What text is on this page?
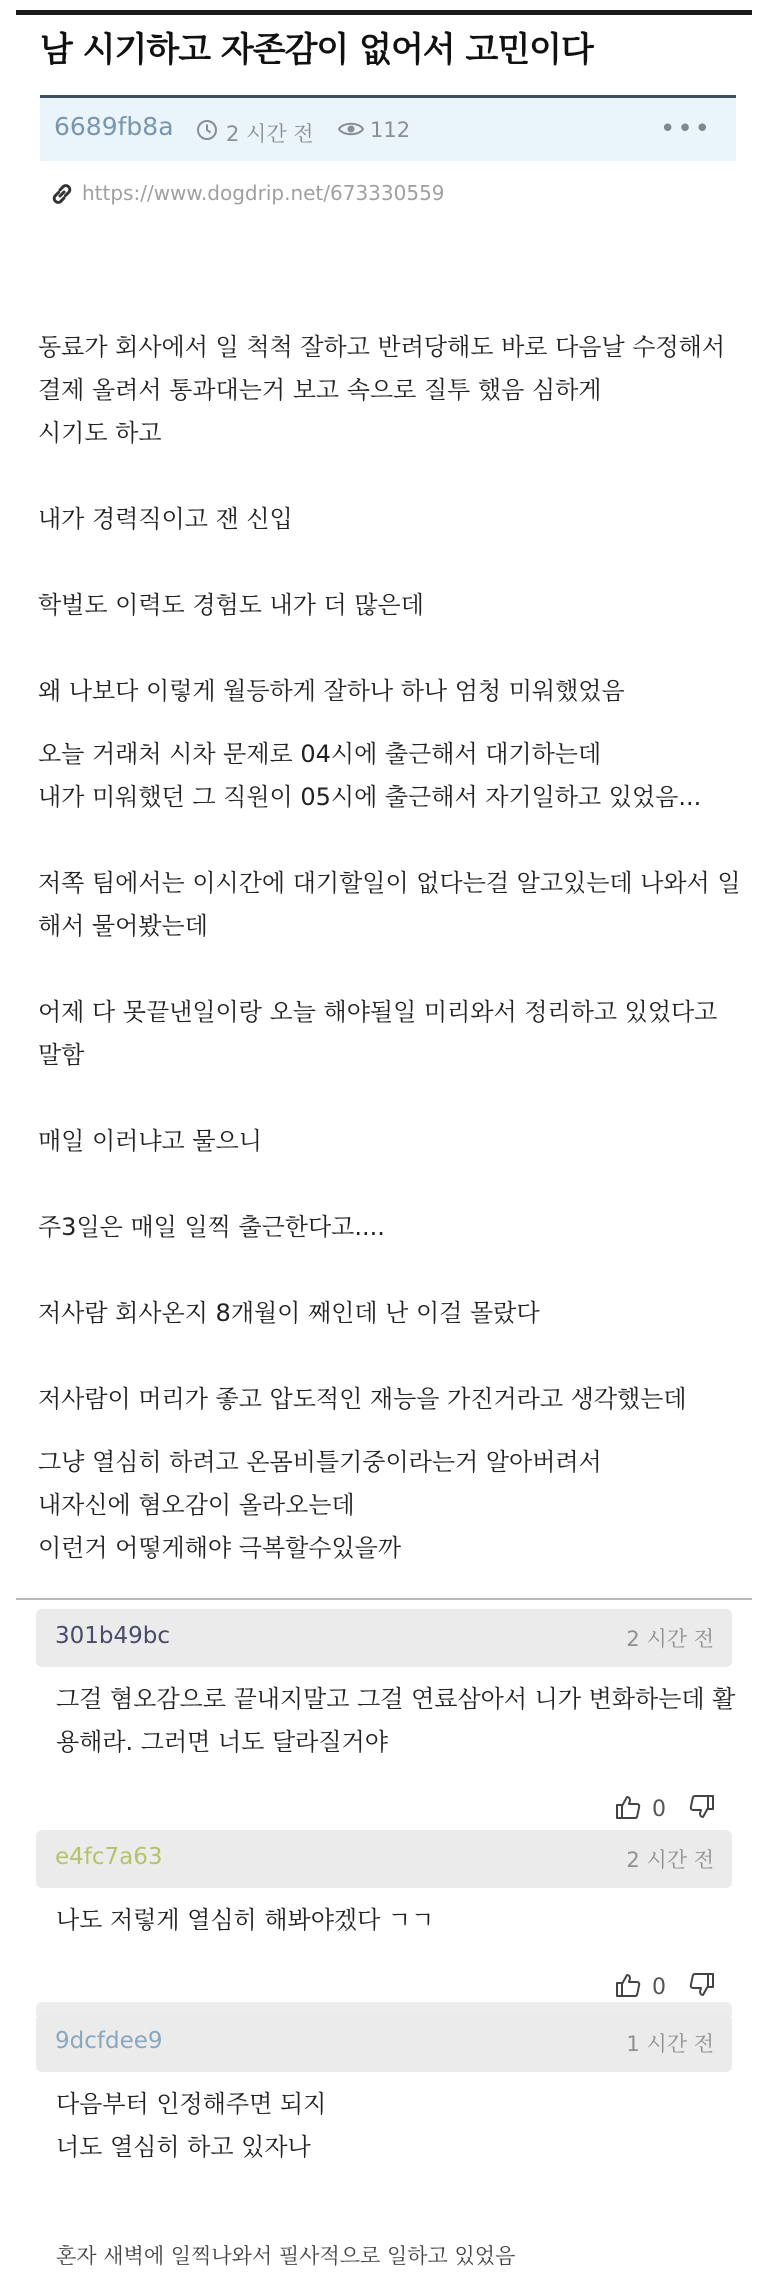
남 시기하고 자존감이 없어서 고민이다
6689fb8a 2 시간 전	112	•••
https://www.dogdrip.net/673330559
동료가 회사에서 일 척척 잘하고 반려당해도 바로 다음날 수정해서
결제 올려서 통과대는거 보고 속으로 질투 했음 심하게
시기도 하고
내가 경력직이고 잰 신입
학벌도 이력도 경험도 내가 더 많은데
왜 나보다 이렇게 월등하게 잘하나 하나 엄청 미워했었음
오늘 거래처 시차 문제로 04시에 출근해서 대기하는데
내가 미워했던 그 직원이 05시에 출근해서 자기일하고 있었음...
저쪽 팀에서는 이시간에 대기할일이 없다는걸 알고있는데 나와서 일
해서 물어봤는데
어제 다 못끝낸일이랑 오늘 해야될일 미리와서 정리하고 있었다고
말함
매일 이러냐고 물으니
주3일은 매일 일찍 출근한다고....
저사람 회사온지 8개월이 째인데 난 이걸 몰랐다
저사람이 머리가 좋고 압도적인 재능을 가진거라고 생각했는데
그냥 열심히 하려고 온몸비틀기중이라는거 알아버려서
내자신에 혐오감이 올라오는데
이런거 어떻게해야 극복할수있을까
301b49bc	2 시간 전
그걸 혐오감으로 끝내지말고 그걸 연료삼아서 니가 변화하는데 활
용해라. 그러면 너도 달라질거야
0
e4fc7a63	2 시간 전
나도 저렇게 열심히 해봐야겠다 ㄱㄱ
0
9dcfdee9	1 시간 전
다음부터 인정해주면 되지
너도 열심히 하고 있자나
혼자 새벽에 일찍나와서 필사적으로 일하고 있었음
